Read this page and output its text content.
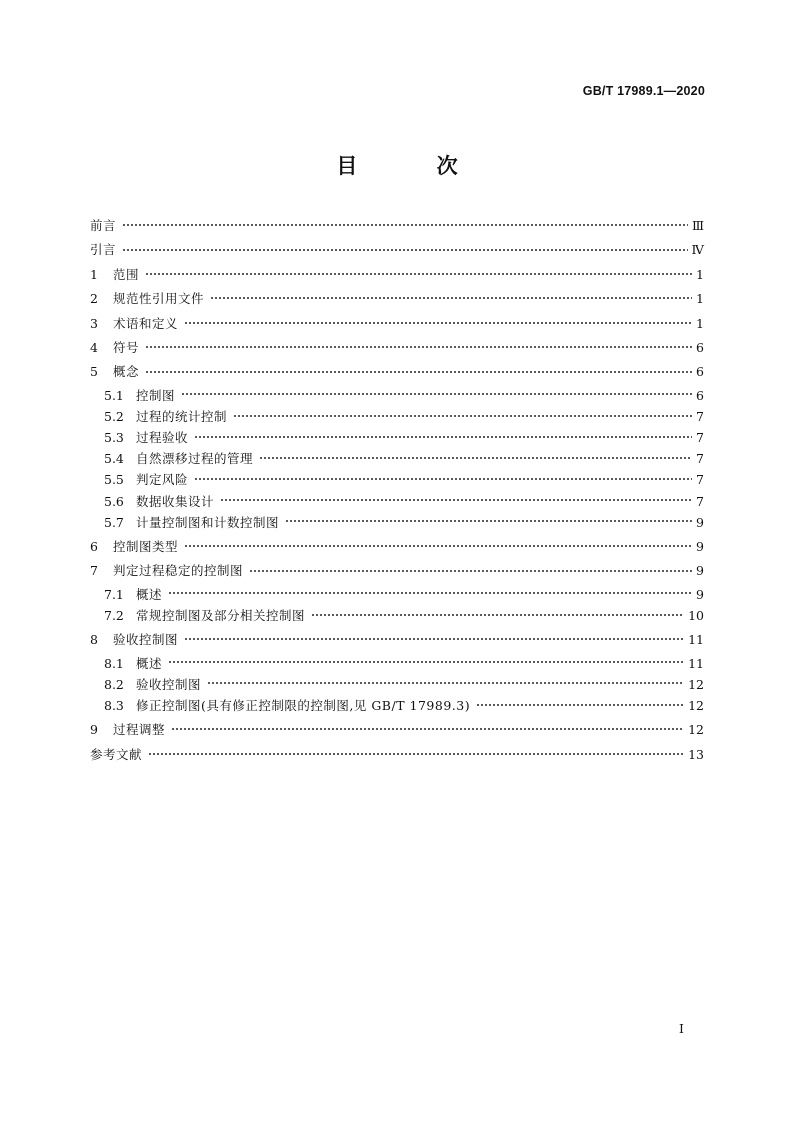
GB/T 17989.1—2020
目 次
前言	Ⅲ
引言	Ⅳ
1	范围	1
2	规范性引用文件	1
3	术语和定义	1
4	符号	6
5	概念	6
5.1 控制图	6
5.2 过程的统计控制	7
5.3 过程验收	7
5.4 自然漂移过程的管理	7
5.5 判定风险	7
5.6 数据收集设计	7
5.7 计量控制图和计数控制图	9
6	控制图类型	9
7	判定过程稳定的控制图	9
7.1 概述	9
7.2 常规控制图及部分相关控制图	10
8	验收控制图	11
8.1 概述	11
8.2 验收控制图	12
8.3 修正控制图(具有修正控制限的控制图,见 GB/T 17989.3)	12
9	过程调整	12
参考文献	13
Ⅰ
